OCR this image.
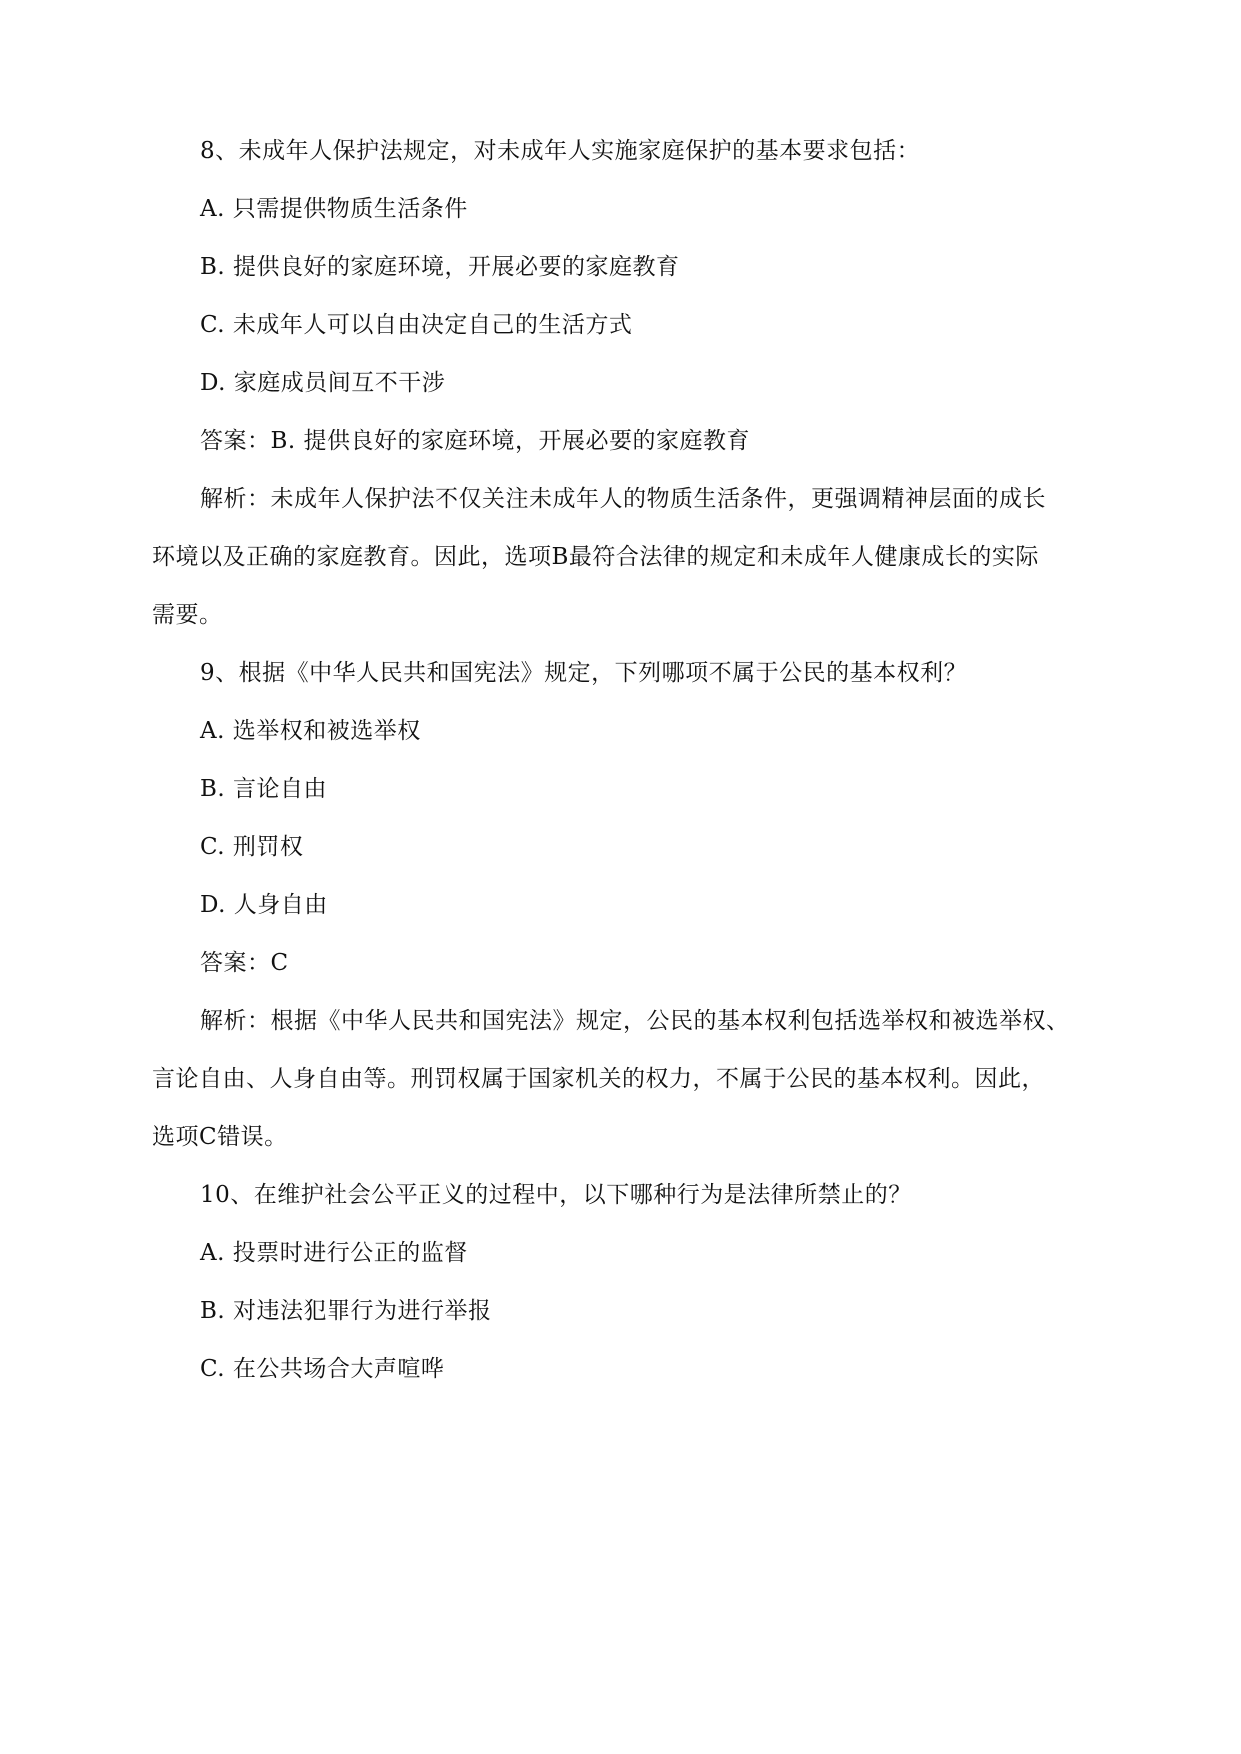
8、未成年人保护法规定，对未成年人实施家庭保护的基本要求包括：
A. 只需提供物质生活条件
B. 提供良好的家庭环境，开展必要的家庭教育
C. 未成年人可以自由决定自己的生活方式
D. 家庭成员间互不干涉
答案：B. 提供良好的家庭环境，开展必要的家庭教育
解析：未成年人保护法不仅关注未成年人的物质生活条件，更强调精神层面的成长
环境以及正确的家庭教育。因此，选项B最符合法律的规定和未成年人健康成长的实际
需要。
9、根据《中华人民共和国宪法》规定，下列哪项不属于公民的基本权利？
A. 选举权和被选举权
B. 言论自由
C. 刑罚权
D. 人身自由
答案：C
解析：根据《中华人民共和国宪法》规定，公民的基本权利包括选举权和被选举权、
言论自由、人身自由等。刑罚权属于国家机关的权力，不属于公民的基本权利。因此，
选项C错误。
10、在维护社会公平正义的过程中，以下哪种行为是法律所禁止的？
A. 投票时进行公正的监督
B. 对违法犯罪行为进行举报
C. 在公共场合大声喧哗
